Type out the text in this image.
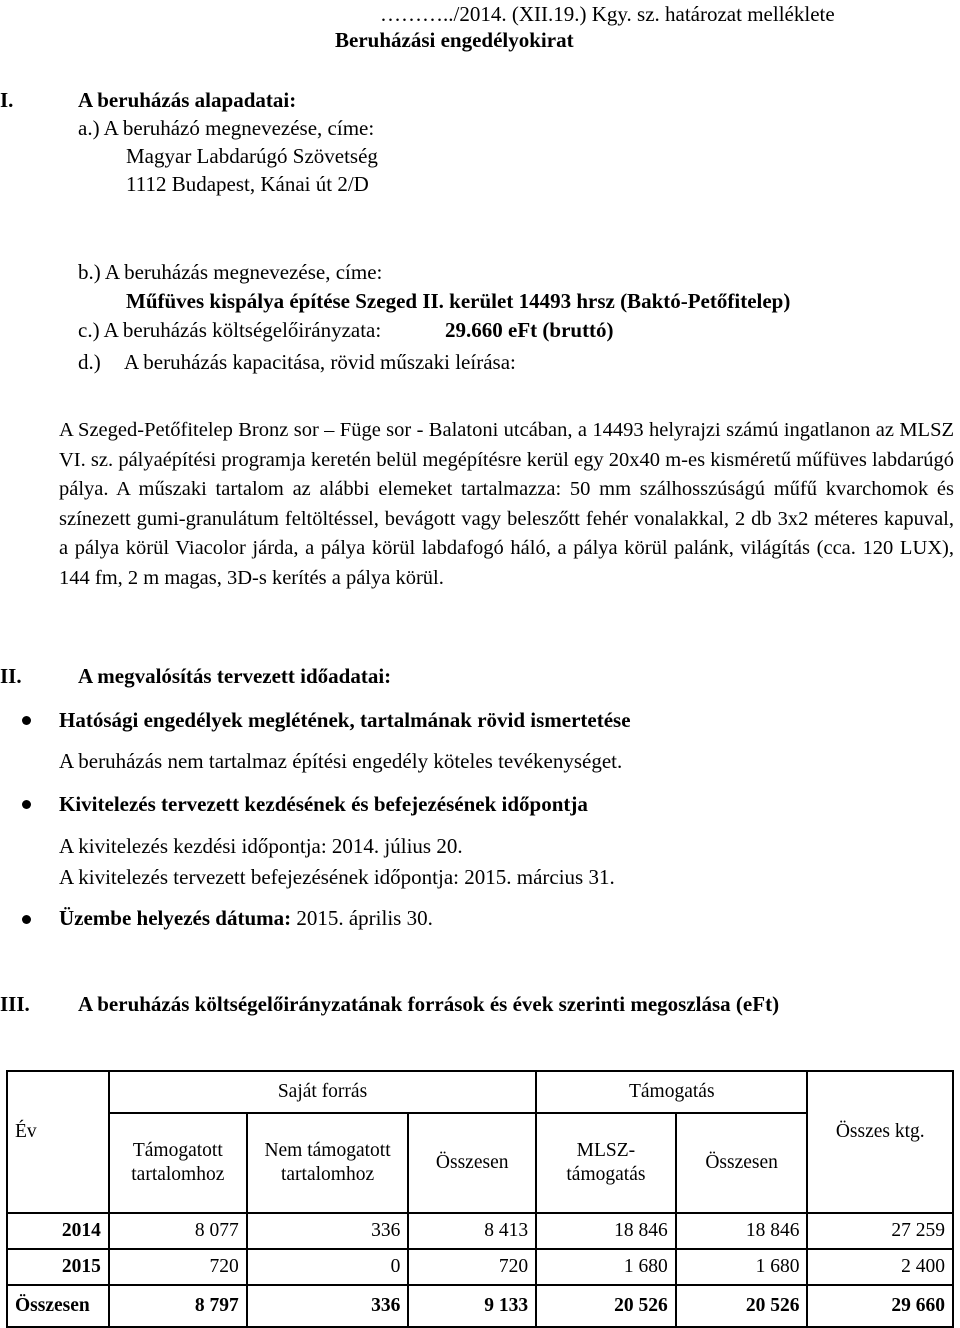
………../2014. (XII.19.) Kgy. sz. határozat melléklete
Beruházási engedélyokirat
I.	A beruházás alapadatai:
a.) A beruházó megnevezése, címe:
Magyar Labdarúgó Szövetség
1112 Budapest, Kánai út 2/D
b.) A beruházás megnevezése, címe:
Műfüves kispálya építése Szeged II. kerület 14493 hrsz (Baktó-Petőfitelep)
c.) A beruházás költségelőirányzata:	29.660 eFt (bruttó)
d.) A beruházás kapacitása, rövid műszaki leírása:
A Szeged-Petőfitelep Bronz sor – Füge sor - Balatoni utcában, a 14493 helyrajzi számú ingatlanon az MLSZ VI. sz. pályaépítési programja keretén belül megépítésre kerül egy 20x40 m-es kisméretű műfüves labdarúgó pálya. A műszaki tartalom az alábbi elemeket tartalmazza: 50 mm szálhosszúságú műfű kvarchomok és színezett gumi-granulátum feltöltéssel, bevágott vagy beleszőtt fehér vonalakkal, 2 db 3x2 méteres kapuval, a pálya körül Viacolor járda, a pálya körül labdafogó háló, a pálya körül palánk, világítás (cca. 120 LUX), 144 fm, 2 m magas, 3D-s kerítés a pálya körül.
II.	A megvalósítás tervezett időadatai:
Hatósági engedélyek meglétének, tartalmának rövid ismertetése
A beruházás nem tartalmaz építési engedély köteles tevékenységet.
Kivitelezés tervezett kezdésének és befejezésének időpontja
A kivitelezés kezdési időpontja: 2014. július 20.
A kivitelezés tervezett befejezésének időpontja: 2015. március 31.
Üzembe helyezés dátuma: 2015. április 30.
III. A beruházás költségelőirányzatának források és évek szerinti megoszlása (eFt)
Év	Saját forrás			Támogatás		Összes ktg.
	Támogatott tartalomhoz	Nem támogatott tartalomhoz	Összesen	MLSZ-támogatás	Összesen	
2014	8 077	336	8 413	18 846	18 846	27 259
2015	720	0	720	1 680	1 680	2 400
Összesen	8 797	336	9 133	20 526	20 526	29 660
